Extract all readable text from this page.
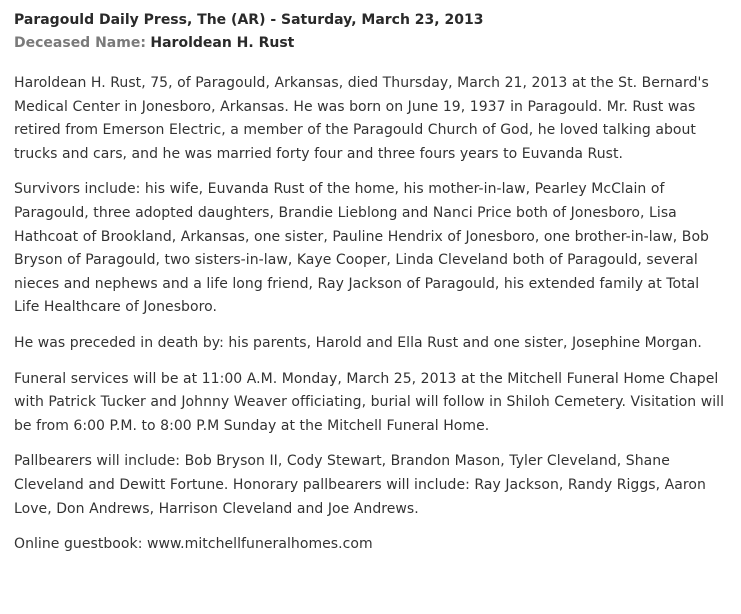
Paragould Daily Press, The (AR) - Saturday, March 23, 2013
Deceased Name: Haroldean H. Rust

Haroldean H. Rust, 75, of Paragould, Arkansas, died Thursday, March 21, 2013 at the St. Bernard's Medical Center in Jonesboro, Arkansas. He was born on June 19, 1937 in Paragould. Mr. Rust was retired from Emerson Electric, a member of the Paragould Church of God, he loved talking about trucks and cars, and he was married forty four and three fours years to Euvanda Rust.

Survivors include: his wife, Euvanda Rust of the home, his mother-in-law, Pearley McClain of Paragould, three adopted daughters, Brandie Lieblong and Nanci Price both of Jonesboro, Lisa Hathcoat of Brookland, Arkansas, one sister, Pauline Hendrix of Jonesboro, one brother-in-law, Bob Bryson of Paragould, two sisters-in-law, Kaye Cooper, Linda Cleveland both of Paragould, several nieces and nephews and a life long friend, Ray Jackson of Paragould, his extended family at Total Life Healthcare of Jonesboro.

He was preceded in death by: his parents, Harold and Ella Rust and one sister, Josephine Morgan.

Funeral services will be at 11:00 A.M. Monday, March 25, 2013 at the Mitchell Funeral Home Chapel with Patrick Tucker and Johnny Weaver officiating, burial will follow in Shiloh Cemetery. Visitation will be from 6:00 P.M. to 8:00 P.M Sunday at the Mitchell Funeral Home.

Pallbearers will include: Bob Bryson II, Cody Stewart, Brandon Mason, Tyler Cleveland, Shane Cleveland and Dewitt Fortune. Honorary pallbearers will include: Ray Jackson, Randy Riggs, Aaron Love, Don Andrews, Harrison Cleveland and Joe Andrews.

Online guestbook: www.mitchellfuneralhomes.com
